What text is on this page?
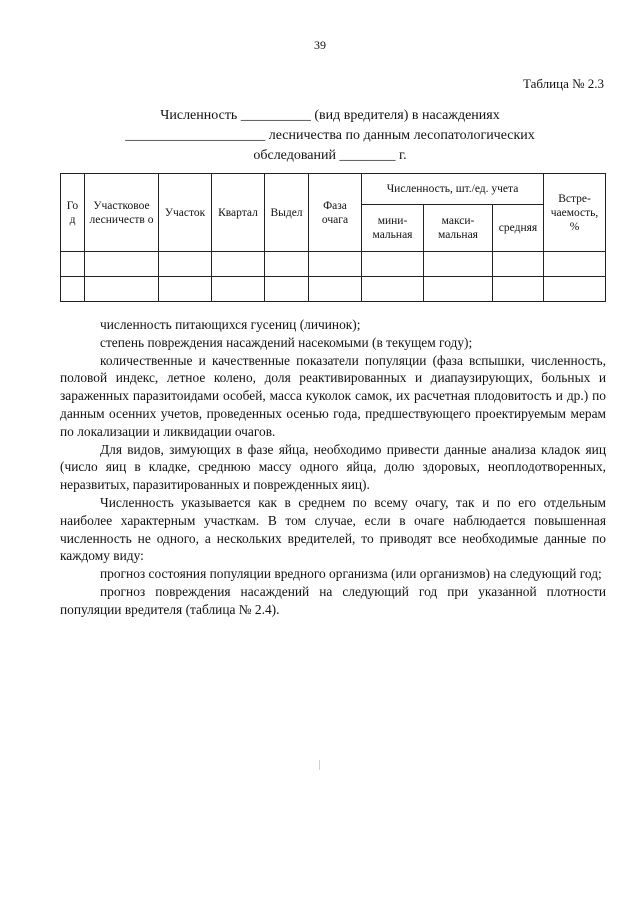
39
Таблица № 2.3
Численность __________ (вид вредителя) в насаждениях
____________________ лесничества по данным лесопатологических
обследований ________ г.
Го д	Участковое лесничеств о	Участок	Квартал	Выдел	Фаза очага	Численность, шт./ед. учета			Встре-чаемость, %
						мини-мальная	макси-мальная	средняя	

численность питающихся гусениц (личинок);

степень повреждения насаждений насекомыми (в текущем году);

количественные и качественные показатели популяции (фаза вспышки, численность, половой индекс, летное колено, доля реактивированных и диапаузирующих, больных и зараженных паразитоидами особей, масса куколок самок, их расчетная плодовитость и др.) по данным осенних учетов, проведенных осенью года, предшествующего проектируемым мерам по локализации и ликвидации очагов.

Для видов, зимующих в фазе яйца, необходимо привести данные анализа кладок яиц (число яиц в кладке, среднюю массу одного яйца, долю здоровых, неоплодотворенных, неразвитых, паразитированных и поврежденных яиц).

Численность указывается как в среднем по всему очагу, так и по его отдельным наиболее характерным участкам. В том случае, если в очаге наблюдается повышенная численность не одного, а нескольких вредителей, то приводят все необходимые данные по каждому виду:

прогноз состояния популяции вредного организма (или организмов) на следующий год;

прогноз повреждения насаждений на следующий год при указанной плотности популяции вредителя (таблица № 2.4).
